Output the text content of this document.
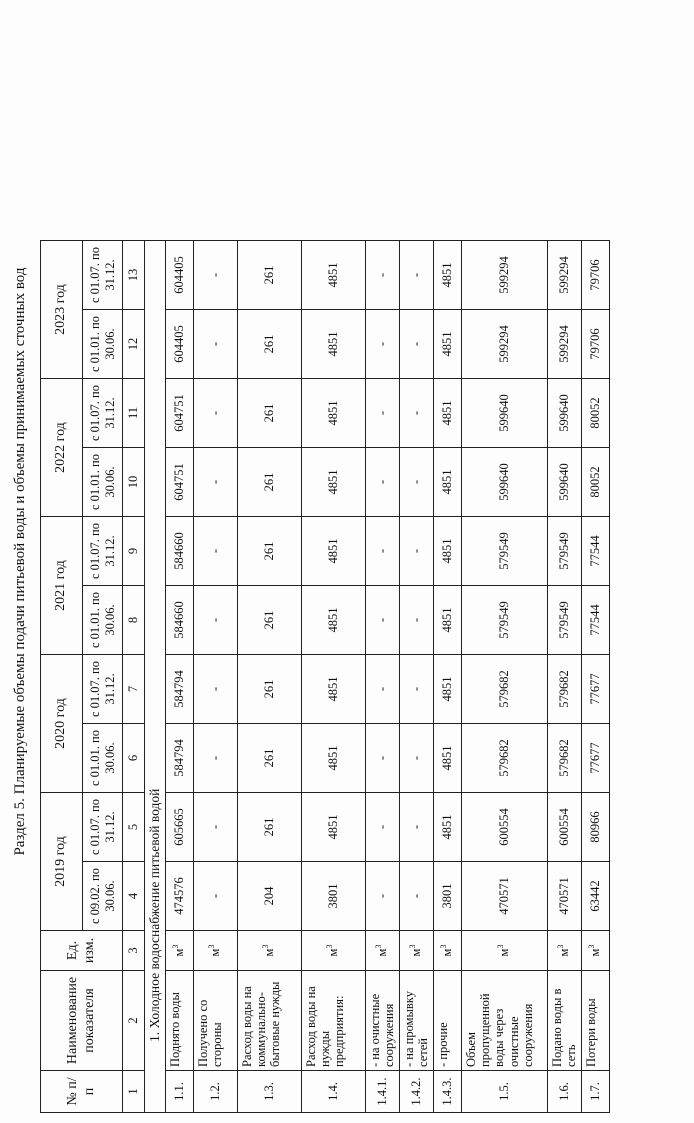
Раздел 5. Планируемые объемы подачи питьевой воды и объемы принимаемых сточных вод
№ п/п	Наименование показателя	Ед. изм.	2019 год		2020 год		2021 год		2022 год		2023 год	
			с 09.02. по 30.06.	с 01.07. по 31.12.	с 01.01. по 30.06.	с 01.07. по 31.12.	с 01.01. по 30.06.	с 01.07. по 31.12.	с 01.01. по 30.06.	с 01.07. по 31.12.	с 01.01. по 30.06.	с 01.07. по 31.12.
1	2	3	4	5	6	7	8	9	10	11	12	13
1. Холодное водоснабжение питьевой водой												
1.1.	Поднято воды	$м^3$	474576	605665	584794	584794	584660	584660	604751	604751	604405	604405
1.2.	Получено со стороны	$м^3$	-	-	-	-	-	-	-	-	-	-
1.3.	Расход воды на коммунально-бытовые нужды	$м^3$	204	261	261	261	261	261	261	261	261	261
1.4.	Расход воды на нужды предприятия:	$м^3$	3801	4851	4851	4851	4851	4851	4851	4851	4851	4851
1.4.1.	- на очистные сооружения	$м^3$	-	-	-	-	-	-	-	-	-	-
1.4.2.	- на промывку сетей	$м^3$	-	-	-	-	-	-	-	-	-	-
1.4.3.	- прочие	$м^3$	3801	4851	4851	4851	4851	4851	4851	4851	4851	4851
1.5.	Объем пропущенной воды через очистные сооружения	$м^3$	470571	600554	579682	579682	579549	579549	599640	599640	599294	599294
1.6.	Подано воды в сеть	$м^3$	470571	600554	579682	579682	579549	579549	599640	599640	599294	599294
1.7.	Потери воды	$м^3$	63442	80966	77677	77677	77544	77544	80052	80052	79706	79706
